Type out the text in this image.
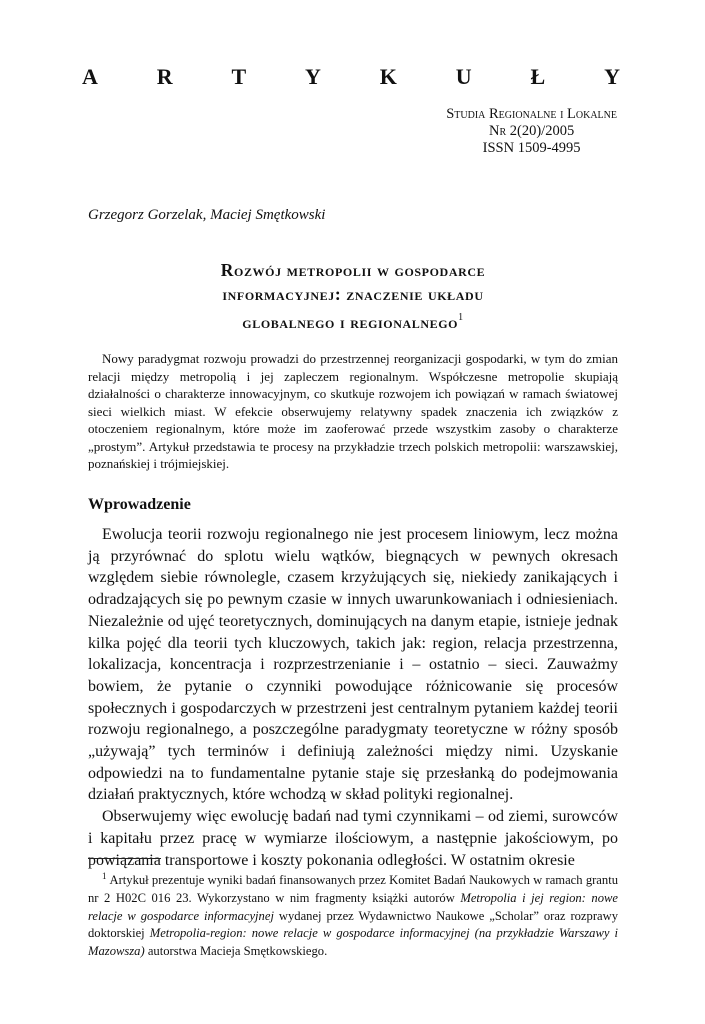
A	R	T	Y	K	U	Ł	Y
Studia Regionalne i Lokalne
Nr 2(20)/2005
ISSN 1509-4995
Grzegorz Gorzelak, Maciej Smętkowski
Rozwój metropolii w gospodarce
informacyjnej: znaczenie układu
globalnego i regionalnego$^1$
Nowy paradygmat rozwoju prowadzi do przestrzennej reorganizacji gospodarki, w tym do zmian relacji między metropolią i jej zapleczem regionalnym. Współczesne metropolie skupiają działalności o charakterze innowacyjnym, co skutkuje rozwojem ich powiązań w ramach światowej sieci wielkich miast. W efekcie obserwujemy relatywny spadek znaczenia ich związków z otoczeniem regionalnym, które może im zaoferować przede wszystkim zasoby o charakterze „prostym”. Artykuł przedstawia te procesy na przykładzie trzech polskich metropolii: warszawskiej, poznańskiej i trójmiejskiej.
Wprowadzenie

Ewolucja teorii rozwoju regionalnego nie jest procesem liniowym, lecz można ją przyrównać do splotu wielu wątków, biegnących w pewnych okresach względem siebie równolegle, czasem krzyżujących się, niekiedy zanikających i odradzających się po pewnym czasie w innych uwarunkowaniach i odniesieniach. Niezależnie od ujęć teoretycznych, dominujących na danym etapie, istnieje jednak kilka pojęć dla teorii tych kluczowych, takich jak: region, relacja przestrzenna, lokalizacja, koncentracja i rozprzestrzenianie i – ostatnio – sieci. Zauważmy bowiem, że pytanie o czynniki powodujące różnicowanie się procesów społecznych i gospodarczych w przestrzeni jest centralnym pytaniem każdej teorii rozwoju regionalnego, a poszczególne paradygmaty teoretyczne w różny sposób „używają” tych terminów i definiują zależności między nimi. Uzyskanie odpowiedzi na to fundamentalne pytanie staje się przesłanką do podejmowania działań praktycznych, które wchodzą w skład polityki regionalnej.

Obserwujemy więc ewolucję badań nad tymi czynnikami – od ziemi, surowców i kapitału przez pracę w wymiarze ilościowym, a następnie jakościowym, po powiązania transportowe i koszty pokonania odległości. W ostatnim okresie

$^1$ Artykuł prezentuje wyniki badań finansowanych przez Komitet Badań Naukowych w ramach grantu nr 2 H02C 016 23. Wykorzystano w nim fragmenty książki autorów Metropolia i jej region: nowe relacje w gospodarce informacyjnej wydanej przez Wydawnictwo Naukowe „Scholar” oraz rozprawy doktorskiej Metropolia-region: nowe relacje w gospodarce informacyjnej (na przykładzie Warszawy i Mazowsza) autorstwa Macieja Smętkowskiego.
